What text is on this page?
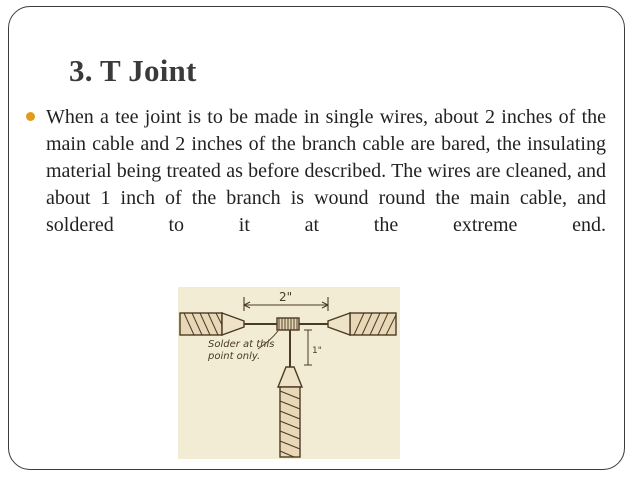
3. T Joint

When a tee joint is to be made in single wires, about 2 inches of the main cable and 2 inches of the branch cable are bared, the insulating material being treated as before described. The wires are cleaned, and about 1 inch of the branch is wound round the main cable, and soldered to it at the extreme end.

2"
1"
Solder at this point only.
